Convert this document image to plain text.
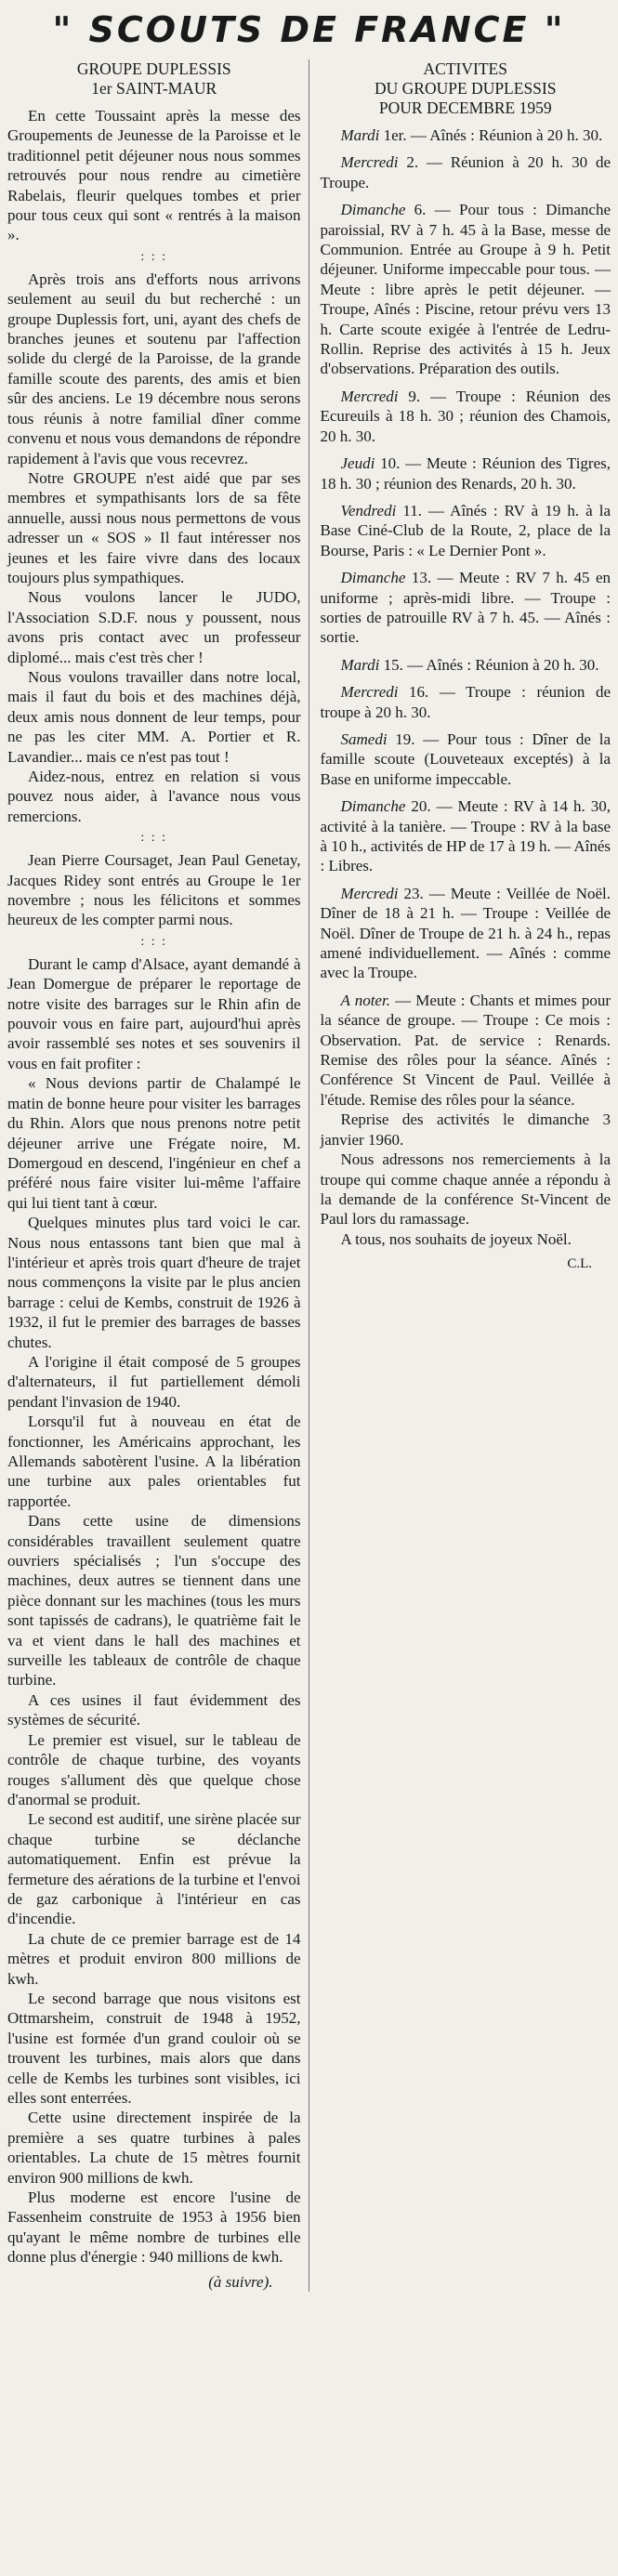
" SCOUTS DE FRANCE "
GROUPE DUPLESSIS
1er SAINT-MAUR

En cette Toussaint après la messe des Groupements de Jeunesse de la Paroisse et le traditionnel petit déjeuner nous nous sommes retrouvés pour nous rendre au cimetière Rabelais, fleurir quelques tombes et prier pour tous ceux qui sont « rentrés à la maison ».

: : :

Après trois ans d'efforts nous arrivons seulement au seuil du but recherché : un groupe Duplessis fort, uni, ayant des chefs de branches jeunes et soutenu par l'affection solide du clergé de la Paroisse, de la grande famille scoute des parents, des amis et bien sûr des anciens. Le 19 décembre nous serons tous réunis à notre familial dîner comme convenu et nous vous demandons de répondre rapidement à l'avis que vous recevrez.

Notre GROUPE n'est aidé que par ses membres et sympathisants lors de sa fête annuelle, aussi nous nous permettons de vous adresser un « SOS » Il faut intéresser nos jeunes et les faire vivre dans des locaux toujours plus sympathiques.

Nous voulons lancer le JUDO, l'Association S.D.F. nous y poussent, nous avons pris contact avec un professeur diplomé... mais c'est très cher !

Nous voulons travailler dans notre local, mais il faut du bois et des machines déjà, deux amis nous donnent de leur temps, pour ne pas les citer MM. A. Portier et R. Lavandier... mais ce n'est pas tout !

Aidez-nous, entrez en relation si vous pouvez nous aider, à l'avance nous vous remercions.

: : :

Jean Pierre Coursaget, Jean Paul Genetay, Jacques Ridey sont entrés au Groupe le 1er novembre ; nous les félicitons et sommes heureux de les compter parmi nous.

: : :

Durant le camp d'Alsace, ayant demandé à Jean Domergue de préparer le reportage de notre visite des barrages sur le Rhin afin de pouvoir vous en faire part, aujourd'hui après avoir rassemblé ses notes et ses souvenirs il vous en fait profiter :

« Nous devions partir de Chalampé le matin de bonne heure pour visiter les barrages du Rhin. Alors que nous prenons notre petit déjeuner arrive une Frégate noire, M. Domergoud en descend, l'ingénieur en chef a préféré nous faire visiter lui-même l'affaire qui lui tient tant à cœur.

Quelques minutes plus tard voici le car. Nous nous entassons tant bien que mal à l'intérieur et après trois quart d'heure de trajet nous commençons la visite par le plus ancien barrage : celui de Kembs, construit de 1926 à 1932, il fut le premier des barrages de basses chutes.

A l'origine il était composé de 5 groupes d'alternateurs, il fut partiellement démoli pendant l'invasion de 1940.

Lorsqu'il fut à nouveau en état de fonctionner, les Américains approchant, les Allemands sabotèrent l'usine. A la libération une turbine aux pales orientables fut rapportée.

Dans cette usine de dimensions considérables travaillent seulement quatre ouvriers spécialisés ; l'un s'occupe des machines, deux autres se tiennent dans une pièce donnant sur les machines (tous les murs sont tapissés de cadrans), le quatrième fait le va et vient dans le hall des machines et surveille les tableaux de contrôle de chaque turbine.

A ces usines il faut évidemment des systèmes de sécurité.

Le premier est visuel, sur le tableau de contrôle de chaque turbine, des voyants rouges s'allument dès que quelque chose d'anormal se produit.

Le second est auditif, une sirène placée sur chaque turbine se déclanche automatiquement. Enfin est prévue la fermeture des aérations de la turbine et l'envoi de gaz carbonique à l'intérieur en cas d'incendie.

La chute de ce premier barrage est de 14 mètres et produit environ 800 millions de kwh.

Le second barrage que nous visitons est Ottmarsheim, construit de 1948 à 1952, l'usine est formée d'un grand couloir où se trouvent les turbines, mais alors que dans celle de Kembs les turbines sont visibles, ici elles sont enterrées.

Cette usine directement inspirée de la première a ses quatre turbines à pales orientables. La chute de 15 mètres fournit environ 900 millions de kwh.

Plus moderne est encore l'usine de Fassenheim construite de 1953 à 1956 bien qu'ayant le même nombre de turbines elle donne plus d'énergie : 940 millions de kwh.

(à suivre).
ACTIVITES
DU GROUPE DUPLESSIS
POUR DECEMBRE 1959

Mardi 1er. — Aînés : Réunion à 20 h. 30.

Mercredi 2. — Réunion à 20 h. 30 de Troupe.

Dimanche 6. — Pour tous : Dimanche paroissial, RV à 7 h. 45 à la Base, messe de Communion. Entrée au Groupe à 9 h. Petit déjeuner. Uniforme impeccable pour tous. — Meute : libre après le petit déjeuner. — Troupe, Aînés : Piscine, retour prévu vers 13 h. Carte scoute exigée à l'entrée de Ledru-Rollin. Reprise des activités à 15 h. Jeux d'observations. Préparation des outils.

Mercredi 9. — Troupe : Réunion des Ecureuils à 18 h. 30 ; réunion des Chamois, 20 h. 30.

Jeudi 10. — Meute : Réunion des Tigres, 18 h. 30 ; réunion des Renards, 20 h. 30.

Vendredi 11. — Aînés : RV à 19 h. à la Base Ciné-Club de la Route, 2, place de la Bourse, Paris : « Le Dernier Pont ».

Dimanche 13. — Meute : RV 7 h. 45 en uniforme ; après-midi libre. — Troupe : sorties de patrouille RV à 7 h. 45. — Aînés : sortie.

Mardi 15. — Aînés : Réunion à 20 h. 30.

Mercredi 16. — Troupe : réunion de troupe à 20 h. 30.

Samedi 19. — Pour tous : Dîner de la famille scoute (Louveteaux exceptés) à la Base en uniforme impeccable.

Dimanche 20. — Meute : RV à 14 h. 30, activité à la tanière. — Troupe : RV à la base à 10 h., activités de HP de 17 à 19 h. — Aînés : Libres.

Mercredi 23. — Meute : Veillée de Noël. Dîner de 18 à 21 h. — Troupe : Veillée de Noël. Dîner de Troupe de 21 h. à 24 h., repas amené individuellement. — Aînés : comme avec la Troupe.

A noter. — Meute : Chants et mimes pour la séance de groupe. — Troupe : Ce mois : Observation. Pat. de service : Renards. Remise des rôles pour la séance. Aînés : Conférence St Vincent de Paul. Veillée à l'étude. Remise des rôles pour la séance.

Reprise des activités le dimanche 3 janvier 1960.

Nous adressons nos remerciements à la troupe qui comme chaque année a répondu à la demande de la conférence St-Vincent de Paul lors du ramassage.

A tous, nos souhaits de joyeux Noël.

C.L.
